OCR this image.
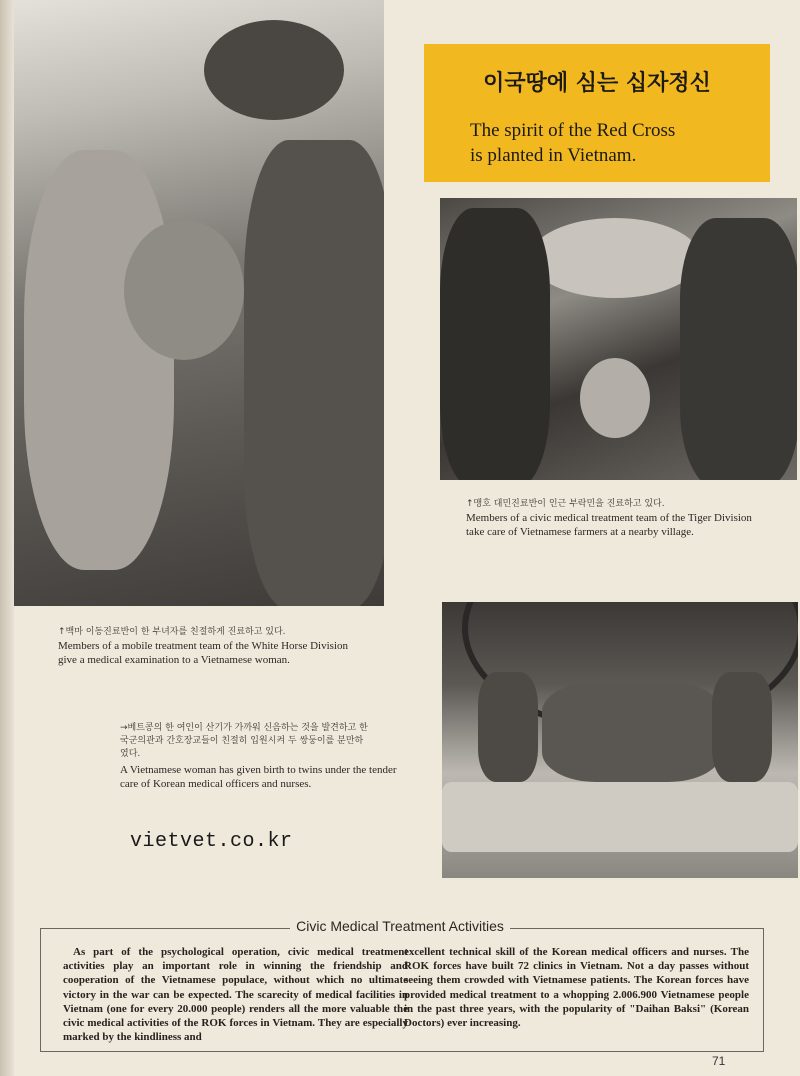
이국땅에 심는 십자정신
The spirit of the Red Cross
is planted in Vietnam.
↑맹호 대민진료반이 인근 부락민을 진료하고 있다.
Members of a civic medical treatment team of the Tiger Division
take care of Vietnamese farmers at a nearby village.
↑백마 이동진료반이 한 부녀자를 친절하게 진료하고 있다.
Members of a mobile treatment team of the White Horse Division
give a medical examination to a Vietnamese woman.
→베트콩의 한 여인이 산기가 가까워 신음하는 것을 발견하고 한
국군의관과 간호장교들이 친절히 입원시켜 두 쌍둥이를 분만하
였다.
A Vietnamese woman has given birth to twins under the tender
care of Korean medical officers and nurses.
vietvet.co.kr
As part of the psychological operation, civic medical treatment activities play an important role in winning the friendship and cooperation of the Vietnamese populace, without which no ultimate victory in the war can be expected. The scarecity of medical facilities in Vietnam (one for every 20.000 people) renders all the more valuable the civic medical activities of the ROK forces in Vietnam. They are especially marked by the kindliness and
excellent technical skill of the Korean medical officers and nurses. The ROK forces have built 72 clinics in Vietnam. Not a day passes without seeing them crowded with Vietnamese patients. The Korean forces have provided medical treatment to a whopping 2.006.900 Vietnamese people in the past three years, with the popularity of "Daihan Baksi" (Korean Doctors) ever increasing.
Civic Medical Treatment Activities
71
